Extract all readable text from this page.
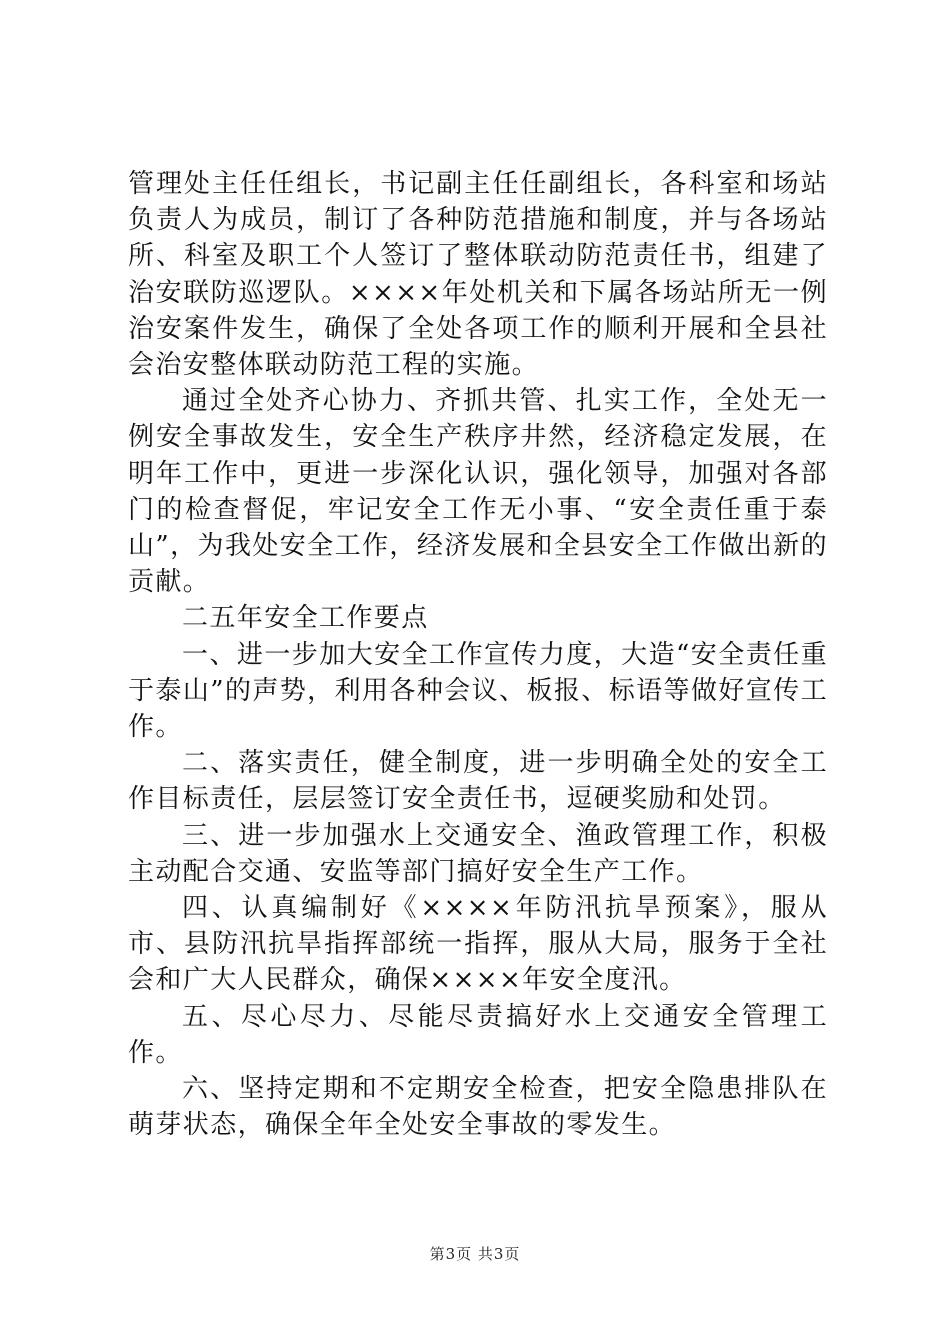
管理处主任任组长，书记副主任任副组长，各科室和场站负责人为成员，制订了各种防范措施和制度，并与各场站所、科室及职工个人签订了整体联动防范责任书，组建了治安联防巡逻队。××××年处机关和下属各场站所无一例治安案件发生，确保了全处各项工作的顺利开展和全县社会治安整体联动防范工程的实施。

通过全处齐心协力、齐抓共管、扎实工作，全处无一例安全事故发生，安全生产秩序井然，经济稳定发展，在明年工作中，更进一步深化认识，强化领导，加强对各部门的检查督促，牢记安全工作无小事、“安全责任重于泰山”，为我处安全工作，经济发展和全县安全工作做出新的贡献。

二五年安全工作要点

一、进一步加大安全工作宣传力度，大造“安全责任重于泰山”的声势，利用各种会议、板报、标语等做好宣传工作。

二、落实责任，健全制度，进一步明确全处的安全工作目标责任，层层签订安全责任书，逗硬奖励和处罚。

三、进一步加强水上交通安全、渔政管理工作，积极主动配合交通、安监等部门搞好安全生产工作。

四、认真编制好《××××年防汛抗旱预案》，服从市、县防汛抗旱指挥部统一指挥，服从大局，服务于全社会和广大人民群众，确保××××年安全度汛。

五、尽心尽力、尽能尽责搞好水上交通安全管理工作。

六、坚持定期和不定期安全检查，把安全隐患排队在萌芽状态，确保全年全处安全事故的零发生。

第3页 共3页
